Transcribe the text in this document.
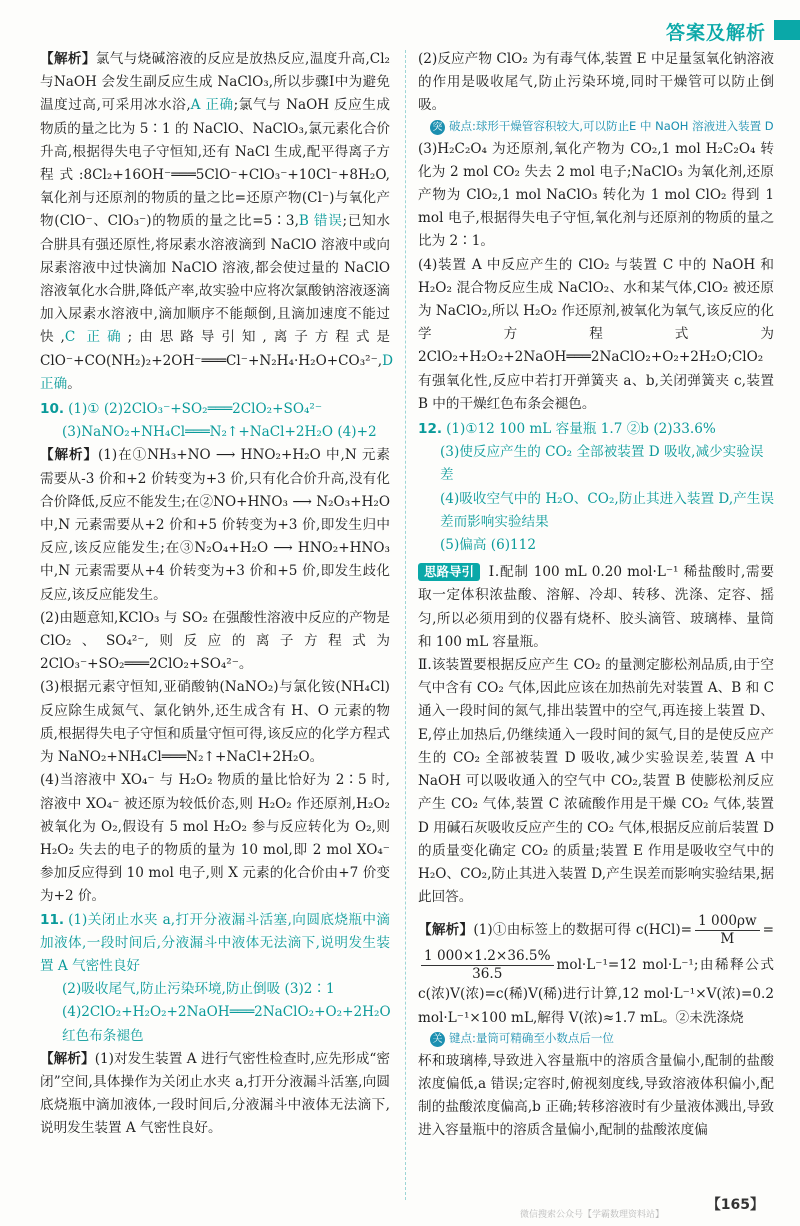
答案及解析
【解析】氯气与烧碱溶液的反应是放热反应,温度升高,Cl₂ 与NaOH 会发生副反应生成 NaClO₃,所以步骤Ⅰ中为避免温度过高,可采用冰水浴,A 正确;氯气与 NaOH 反应生成物质的量之比为 5∶1 的 NaClO、NaClO₃,氯元素化合价升高,根据得失电子守恒知,还有 NaCl 生成,配平得离子方程式:8Cl₂+16OH⁻═══5ClO⁻+ClO₃⁻+10Cl⁻+8H₂O,氧化剂与还原剂的物质的量之比=还原产物(Cl⁻)与氧化产物(ClO⁻、ClO₃⁻)的物质的量之比=5∶3,B 错误;已知水合肼具有强还原性,将尿素水溶液滴到 NaClO 溶液中或向尿素溶液中过快滴加 NaClO 溶液,都会使过量的 NaClO 溶液氧化水合肼,降低产率,故实验中应将次氯酸钠溶液逐滴加入尿素水溶液中,滴加顺序不能颠倒,且滴加速度不能过快,C 正确;由思路导引知,离子方程式是 ClO⁻+CO(NH₂)₂+2OH⁻═══Cl⁻+N₂H₄·H₂O+CO₃²⁻,D 正确。
10. (1)① (2)2ClO₃⁻+SO₂═══2ClO₂+SO₄²⁻
(3)NaNO₂+NH₄Cl═══N₂↑+NaCl+2H₂O (4)+2
【解析】(1)在①NH₃+NO ⟶ HNO₂+H₂O 中,N 元素需要从-3 价和+2 价转变为+3 价,只有化合价升高,没有化合价降低,反应不能发生;在②NO+HNO₃ ⟶ N₂O₃+H₂O 中,N 元素需要从+2 价和+5 价转变为+3 价,即发生归中反应,该反应能发生;在③N₂O₄+H₂O ⟶ HNO₂+HNO₃ 中,N 元素需要从+4 价转变为+3 价和+5 价,即发生歧化反应,该反应能发生。
(2)由题意知,KClO₃ 与 SO₂ 在强酸性溶液中反应的产物是 ClO₂、SO₄²⁻,则反应的离子方程式为 2ClO₃⁻+SO₂═══2ClO₂+SO₄²⁻。
(3)根据元素守恒知,亚硝酸钠(NaNO₂)与氯化铵(NH₄Cl)反应除生成氮气、氯化钠外,还生成含有 H、O 元素的物质,根据得失电子守恒和质量守恒可得,该反应的化学方程式为 NaNO₂+NH₄Cl═══N₂↑+NaCl+2H₂O。
(4)当溶液中 XO₄⁻ 与 H₂O₂ 物质的量比恰好为 2∶5 时,溶液中 XO₄⁻ 被还原为较低价态,则 H₂O₂ 作还原剂,H₂O₂ 被氧化为 O₂,假设有 5 mol H₂O₂ 参与反应转化为 O₂,则 H₂O₂ 失去的电子的物质的量为 10 mol,即 2 mol XO₄⁻ 参加反应得到 10 mol 电子,则 X 元素的化合价由+7 价变为+2 价。
11. (1)关闭止水夹 a,打开分液漏斗活塞,向圆底烧瓶中滴加液体,一段时间后,分液漏斗中液体无法滴下,说明发生装置 A 气密性良好
(2)吸收尾气,防止污染环境,防止倒吸 (3)2∶1
(4)2ClO₂+H₂O₂+2NaOH═══2NaClO₂+O₂+2H₂O 红色布条褪色
【解析】(1)对发生装置 A 进行气密性检查时,应先形成“密闭”空间,具体操作为关闭止水夹 a,打开分液漏斗活塞,向圆底烧瓶中滴加液体,一段时间后,分液漏斗中液体无法滴下,说明发生装置 A 气密性良好。
(2)反应产物 ClO₂ 为有毒气体,装置 E 中足量氢氧化钠溶液的作用是吸收尾气,防止污染环境,同时干燥管可以防止倒吸。
突 破点:球形干燥管容积较大,可以防止E 中 NaOH 溶液进入装置 D
(3)H₂C₂O₄ 为还原剂,氧化产物为 CO₂,1 mol H₂C₂O₄ 转化为 2 mol CO₂ 失去 2 mol 电子;NaClO₃ 为氧化剂,还原产物为 ClO₂,1 mol NaClO₃ 转化为 1 mol ClO₂ 得到 1 mol 电子,根据得失电子守恒,氧化剂与还原剂的物质的量之比为 2∶1。
(4)装置 A 中反应产生的 ClO₂ 与装置 C 中的 NaOH 和 H₂O₂ 混合物反应生成 NaClO₂、水和某气体,ClO₂ 被还原为 NaClO₂,所以 H₂O₂ 作还原剂,被氧化为氧气,该反应的化学方程式为 2ClO₂+H₂O₂+2NaOH═══2NaClO₂+O₂+2H₂O;ClO₂ 有强氧化性,反应中若打开弹簧夹 a、b,关闭弹簧夹 c,装置 B 中的干燥红色布条会褪色。
12. (1)①12 100 mL 容量瓶 1.7 ②b (2)33.6%
(3)使反应产生的 CO₂ 全部被装置 D 吸收,减少实验误差
(4)吸收空气中的 H₂O、CO₂,防止其进入装置 D,产生误差而影响实验结果
(5)偏高 (6)112
思路导引 Ⅰ.配制 100 mL 0.20 mol·L⁻¹ 稀盐酸时,需要取一定体积浓盐酸、溶解、冷却、转移、洗涤、定容、摇匀,所以必须用到的仪器有烧杯、胶头滴管、玻璃棒、量筒和 100 mL 容量瓶。
Ⅱ.该装置要根据反应产生 CO₂ 的量测定膨松剂品质,由于空气中含有 CO₂ 气体,因此应该在加热前先对装置 A、B 和 C 通入一段时间的氮气,排出装置中的空气,再连接上装置 D、E,停止加热后,仍继续通入一段时间的氮气,目的是使反应产生的 CO₂ 全部被装置 D 吸收,减少实验误差,装置 A 中 NaOH 可以吸收通入的空气中 CO₂,装置 B 使膨松剂反应产生 CO₂ 气体,装置 C 浓硫酸作用是干燥 CO₂ 气体,装置 D 用碱石灰吸收反应产生的 CO₂ 气体,根据反应前后装置 D 的质量变化确定 CO₂ 的质量;装置 E 作用是吸收空气中的 H₂O、CO₂,防止其进入装置 D,产生误差而影响实验结果,据此回答。
【解析】(1)①由标签上的数据可得 $c(HCl)= \frac{1 000\rho w}{M}$ =
$\frac{1 000\times 1.2\times 36.5\%}{36.5} mol\cdot L^{-1}=12$ mol·L⁻¹;由稀释公式 c(浓)V(浓)=c(稀)V(稀)进行计算,12 mol·L⁻¹×V(浓)=0.2 mol·L⁻¹×100 mL,解得 V(浓)≈1.7 mL。②未洗涤烧
关 键点:量筒可精确至小数点后一位
杯和玻璃棒,导致进入容量瓶中的溶质含量偏小,配制的盐酸浓度偏低,a 错误;定容时,俯视刻度线,导致溶液体积偏小,配制的盐酸浓度偏高,b 正确;转移溶液时有少量液体溅出,导致进入容量瓶中的溶质含量偏小,配制的盐酸浓度偏
微信搜索公众号【学霸数理资料站】
【165】
